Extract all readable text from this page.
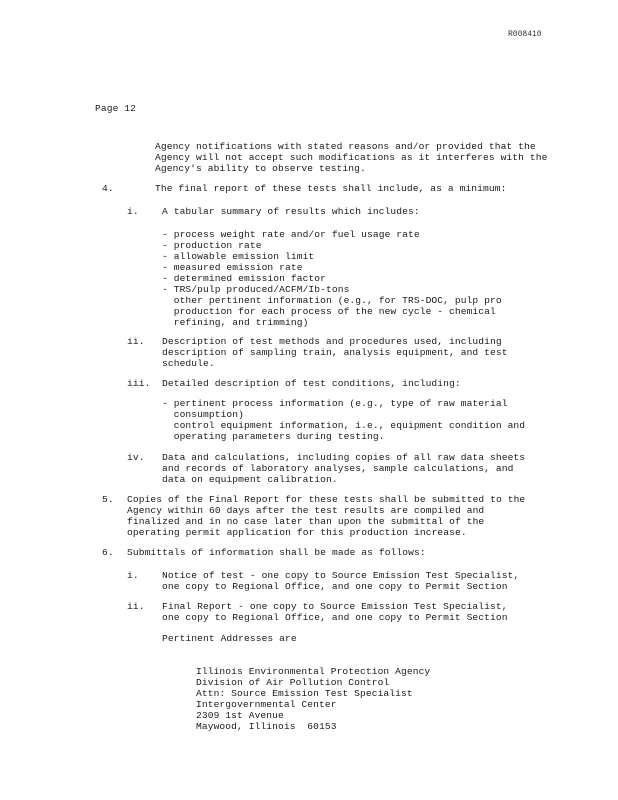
R008410
Page 12
Agency notifications with stated reasons and/or provided that the
Agency will not accept such modifications as it interferes with the
Agency's ability to observe testing.
4.	The final report of these tests shall include, as a minimum:
i. A tabular summary of results which includes:
- process weight rate and/or fuel usage rate
- production rate
- allowable emission limit
- measured emission rate
- determined emission factor
- TRS/pulp produced/ACFM/Ib-tons
other pertinent information (e.g., for TRS-DOC, pulp pro
production for each process of the new cycle - chemical
refining, and trimming)
ii. Description of test methods and procedures used, including
description of sampling train, analysis equipment, and test
schedule.
iii. Detailed description of test conditions, including:
- pertinent process information (e.g., type of raw material
consumption)
control equipment information, i.e., equipment condition and
operating parameters during testing.
iv. Data and calculations, including copies of all raw data sheets
and records of laboratory analyses, sample calculations, and
data on equipment calibration.
5. Copies of the Final Report for these tests shall be submitted to the
Agency within 60 days after the test results are compiled and
finalized and in no case later than upon the submittal of the
operating permit application for this production increase.
6. Submittals of information shall be made as follows:
i. Notice of test - one copy to Source Emission Test Specialist,
one copy to Regional Office, and one copy to Permit Section
ii. Final Report - one copy to Source Emission Test Specialist,
one copy to Regional Office, and one copy to Permit Section
Pertinent Addresses are
Illinois Environmental Protection Agency
Division of Air Pollution Control
Attn: Source Emission Test Specialist
Intergovernmental Center
2309 1st Avenue
Maywood, Illinois  60153
